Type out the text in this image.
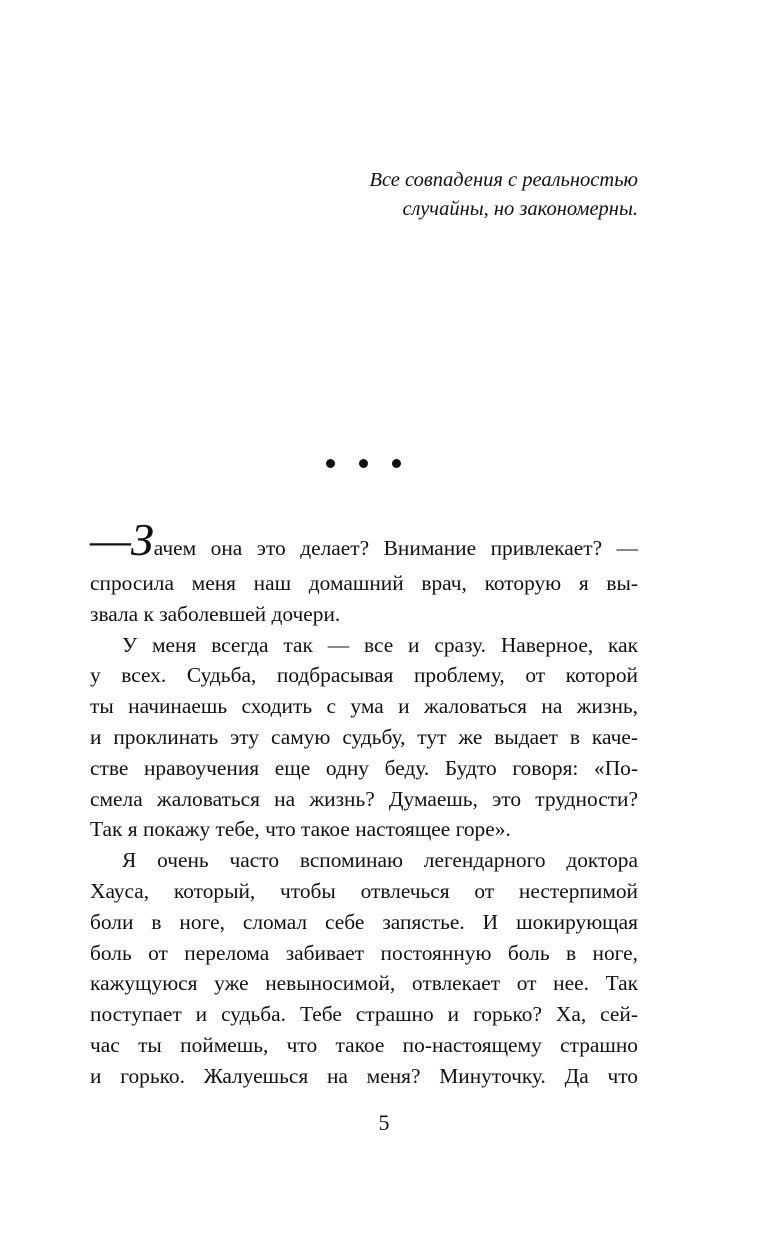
Все совпадения с реальностью
случайны, но закономерны.
—Зачем она это делает? Внимание привлекает? —
спросила меня наш домашний врач, которую я вы-
звала к заболевшей дочери.
У меня всегда так — все и сразу. Наверное, как
у всех. Судьба, подбрасывая проблему, от которой
ты начинаешь сходить с ума и жаловаться на жизнь,
и проклинать эту самую судьбу, тут же выдает в каче-
стве нравоучения еще одну беду. Будто говоря: «По-
смела жаловаться на жизнь? Думаешь, это трудности?
Так я покажу тебе, что такое настоящее горе».
Я очень часто вспоминаю легендарного доктора
Хауса, который, чтобы отвлечься от нестерпимой
боли в ноге, сломал себе запястье. И шокирующая
боль от перелома забивает постоянную боль в ноге,
кажущуюся уже невыносимой, отвлекает от нее. Так
поступает и судьба. Тебе страшно и горько? Ха, сей-
час ты поймешь, что такое по-настоящему страшно
и горько. Жалуешься на меня? Минуточку. Да что
5
